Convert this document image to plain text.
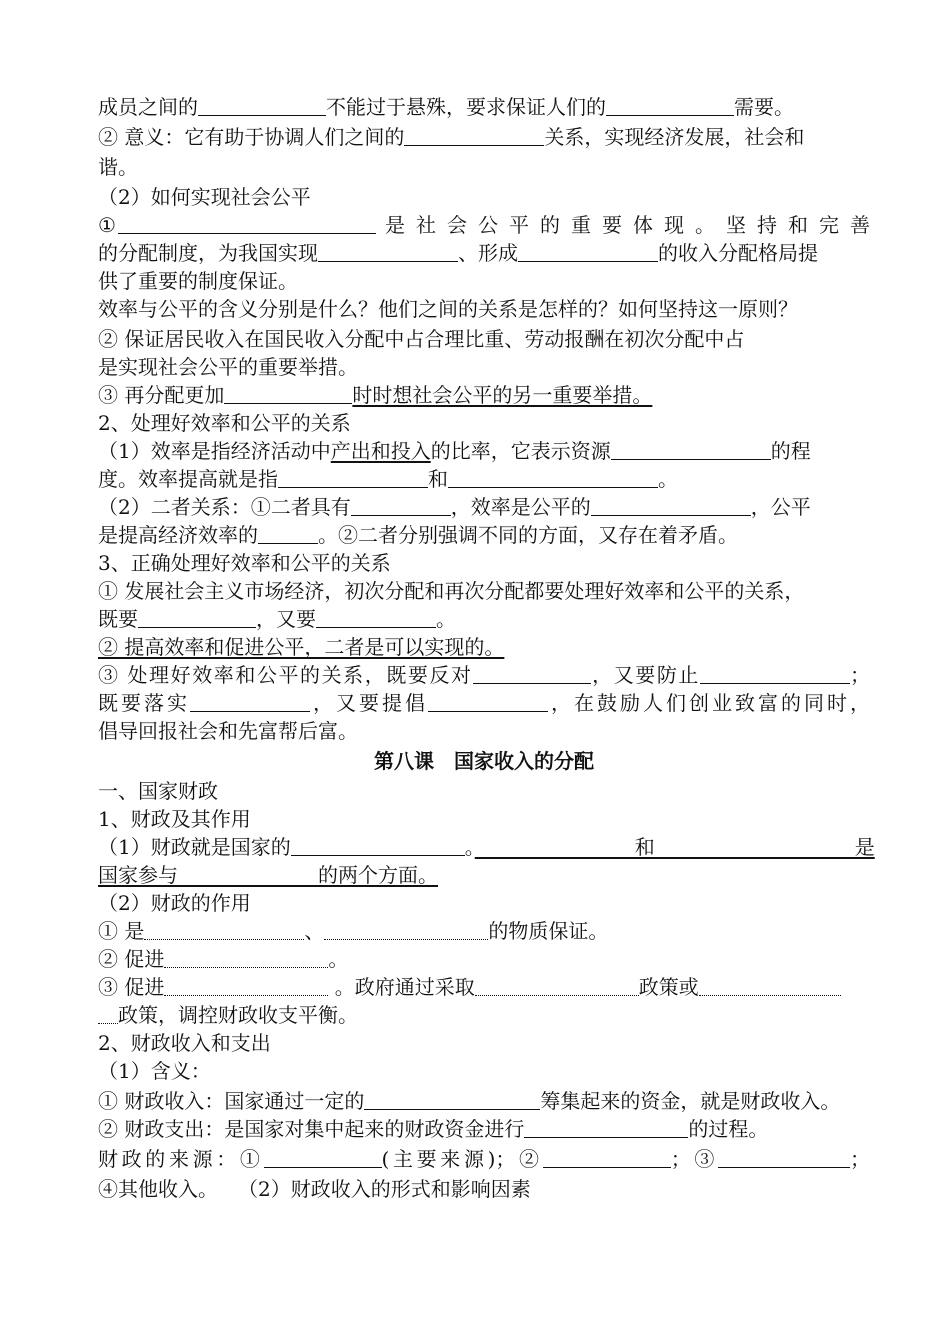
成员之间的	不能过于悬殊，要求保证人们的	需要。
② 意义：它有助于协调人们之间的	关系，实现经济发展，社会和
谐。
（2）如何实现社会公平
①	是 社 会 公 平 的 重 要 体 现 。 坚 持 和 完 善
的分配制度，为我国实现	、形成	的收入分配格局提
供了重要的制度保证。
效率与公平的含义分别是什么？他们之间的关系是怎样的？如何坚持这一原则？
② 保证居民收入在国民收入分配中占合理比重、劳动报酬在初次分配中占
是实现社会公平的重要举措。
③ 再分配更加	时时想社会公平的另一重要举措。
2、处理好效率和公平的关系
（1）效率是指经济活动中产出和投入的比率，它表示资源	的程
度。效率提高就是指	和	。
（2）二者关系：①二者具有	，效率是公平的	，公平
是提高经济效率的	。②二者分别强调不同的方面，又存在着矛盾。
3、正确处理好效率和公平的关系
① 发展社会主义市场经济，初次分配和再次分配都要处理好效率和公平的关系，
既要	，又要	。
② 提高效率和促进公平，二者是可以实现的。
③ 处理好效率和公平的关系，既要反对	，又要防止	；
既要落实	，又要提倡	，在鼓励人们创业致富的同时，
倡导回报社会和先富帮后富。
第八课　国家收入的分配
一、国家财政
1、财政及其作用
（1）财政就是国家的	。　　　　　　　　和　　　　　　　　　　是
国家参与　　　　　　　的两个方面。
（2）财政的作用
① 是	、	的物质保证。
② 促进	。
③ 促进	。政府通过采取	政策或
政策，调控财政收支平衡。
2、财政收入和支出
（1）含义：
① 财政收入：国家通过一定的	筹集起来的资金，就是财政收入。
② 财政支出：是国家对集中起来的财政资金进行	的过程。
财政的来源：①	(主要来源)；②	；③	；
④其他收入。　　（2）财政收入的形式和影响因素
